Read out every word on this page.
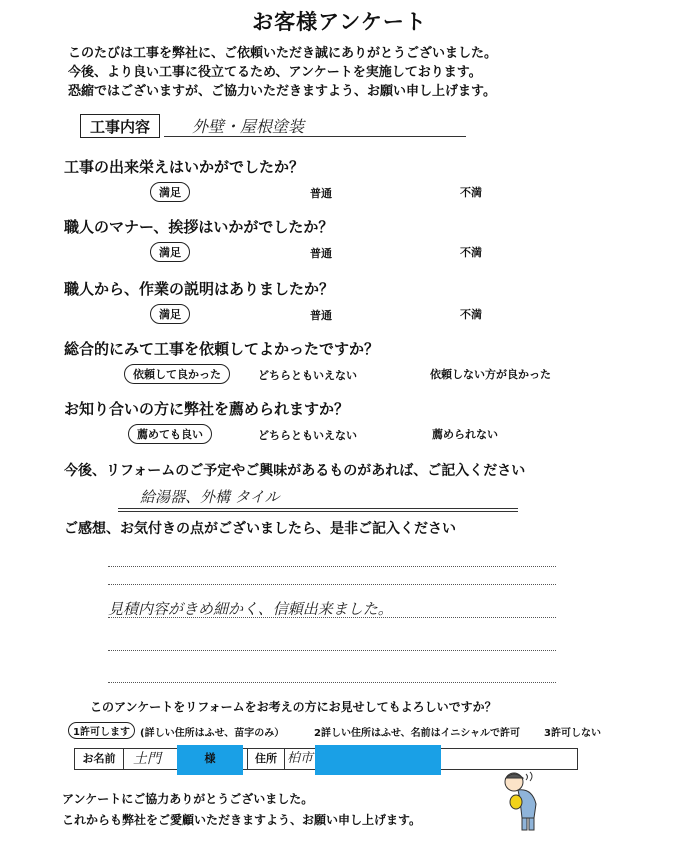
お客様アンケート
このたびは工事を弊社に、ご依頼いただき誠にありがとうございました。
今後、より良い工事に役立てるため、アンケートを実施しております。
恐縮ではございますが、ご協力いただきますよう、お願い申し上げます。
工事内容	外壁・屋根塗装
工事の出来栄えはいかがでしたか？
満足	普通	不満
職人のマナー、挨拶はいかがでしたか？
満足	普通	不満
職人から、作業の説明はありましたか？
満足	普通	不満
総合的にみて工事を依頼してよかったですか？
依頼して良かった	どちらともいえない	依頼しない方が良かった
お知り合いの方に弊社を薦められますか？
薦めても良い	どちらともいえない	薦められない
今後、リフォームのご予定やご興味があるものがあれば、ご記入ください
給湯器、外構 タイル
ご感想、お気付きの点がございましたら、是非ご記入ください
見積内容がきめ細かく、信頼出来ました。
このアンケートをリフォームをお考えの方にお見せしてもよろしいですか？
1許可します	(詳しい住所はふせ、苗字のみ）	2詳しい住所はふせ、名前はイニシャルで許可 3許可しない
お名前	土門	様	住所 柏市
アンケートにご協力ありがとうございました。
これからも弊社をご愛顧いただきますよう、お願い申し上げます。
